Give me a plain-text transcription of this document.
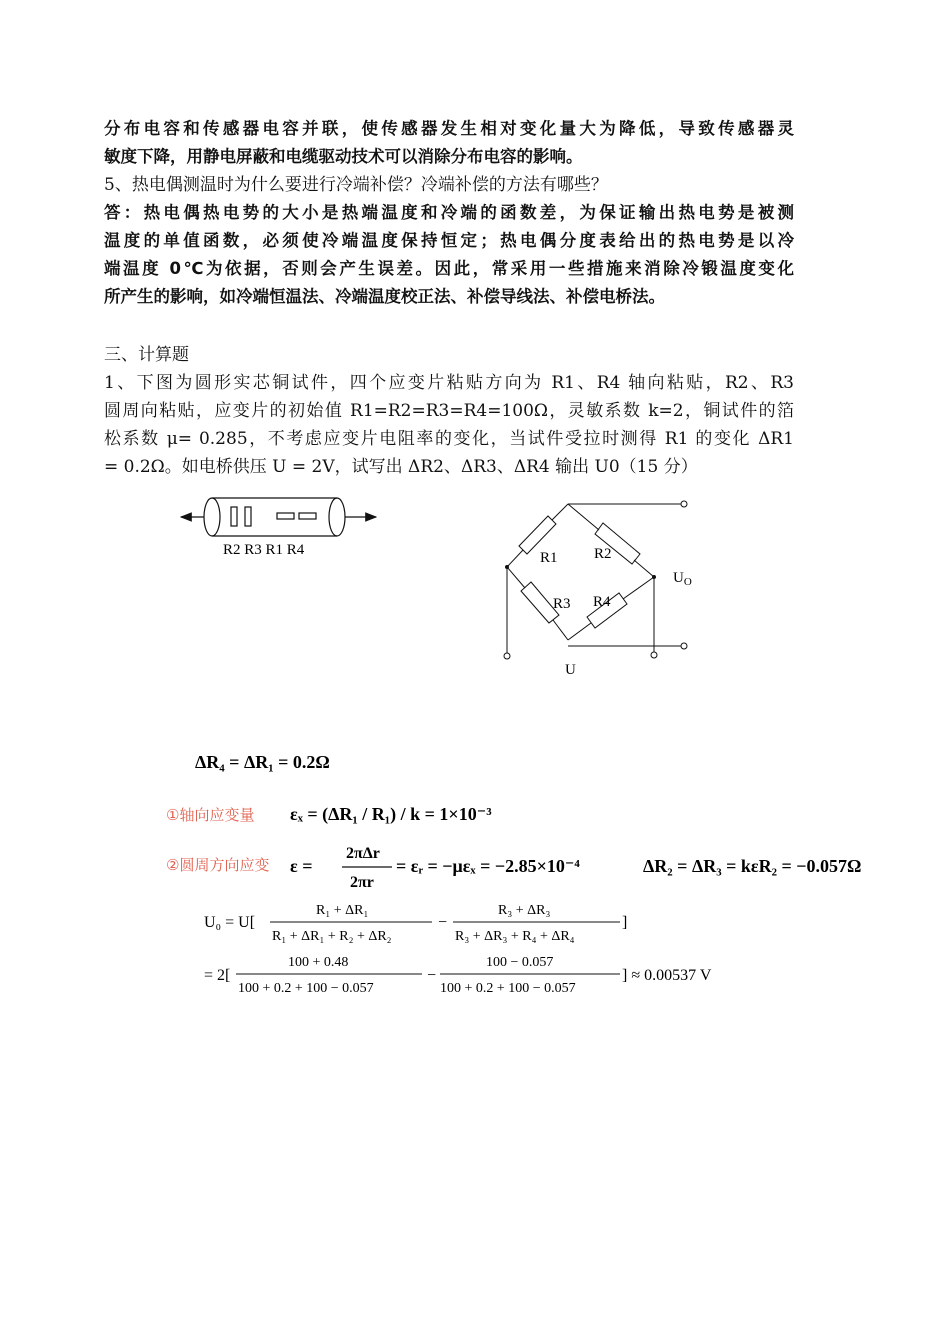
分布电容和传感器电容并联，使传感器发生相对变化量大为降低，导致传感器灵
敏度下降，用静电屏蔽和电缆驱动技术可以消除分布电容的影响。
5、热电偶测温时为什么要进行冷端补偿？冷端补偿的方法有哪些？
答：热电偶热电势的大小是热端温度和冷端的函数差，为保证输出热电势是被测
温度的单值函数，必须使冷端温度保持恒定；热电偶分度表给出的热电势是以冷
端温度 0℃为依据，否则会产生误差。因此，常采用一些措施来消除冷锻温度变化
所产生的影响，如冷端恒温法、冷端温度校正法、补偿导线法、补偿电桥法。
三、计算题
1、下图为圆形实芯铜试件，四个应变片粘贴方向为 R1、R4 轴向粘贴，R2、R3
圆周向粘贴，应变片的初始值 R1=R2=R3=R4=100Ω，灵敏系数 k=2，铜试件的箔
松系数 μ= 0.285，不考虑应变片电阻率的变化，当试件受拉时测得 R1 的变化 ΔR1
= 0.2Ω。如电桥供压 U = 2V，试写出 ΔR2、ΔR3、ΔR4 输出 U0（15 分）
R2 R3 R1 R4	R1 R2
R3 R4
U
$U_O$
ΔR₄ = ΔR₁ = 0.2Ω
①轴向应变量 εₓ = (ΔR₁ / R₁) / k = 1×10⁻³
②圆周方向应变 ε =
2πΔr
2πr
= εᵣ = −μεₓ = −2.85×10⁻⁴	ΔR₂ = ΔR₃ = kεR₂ = −0.057Ω
U₀ = U[
R₁ + ΔR₁
R₁ + ΔR₁ + R₂ + ΔR₂
−
R₃ + ΔR₃
R₃ + ΔR₃ + R₄ + ΔR₄
]
= 2[
100 + 0.48
100 + 0.2 + 100 − 0.057
−
100 − 0.057
100 + 0.2 + 100 − 0.057
] ≈ 0.00537 V
